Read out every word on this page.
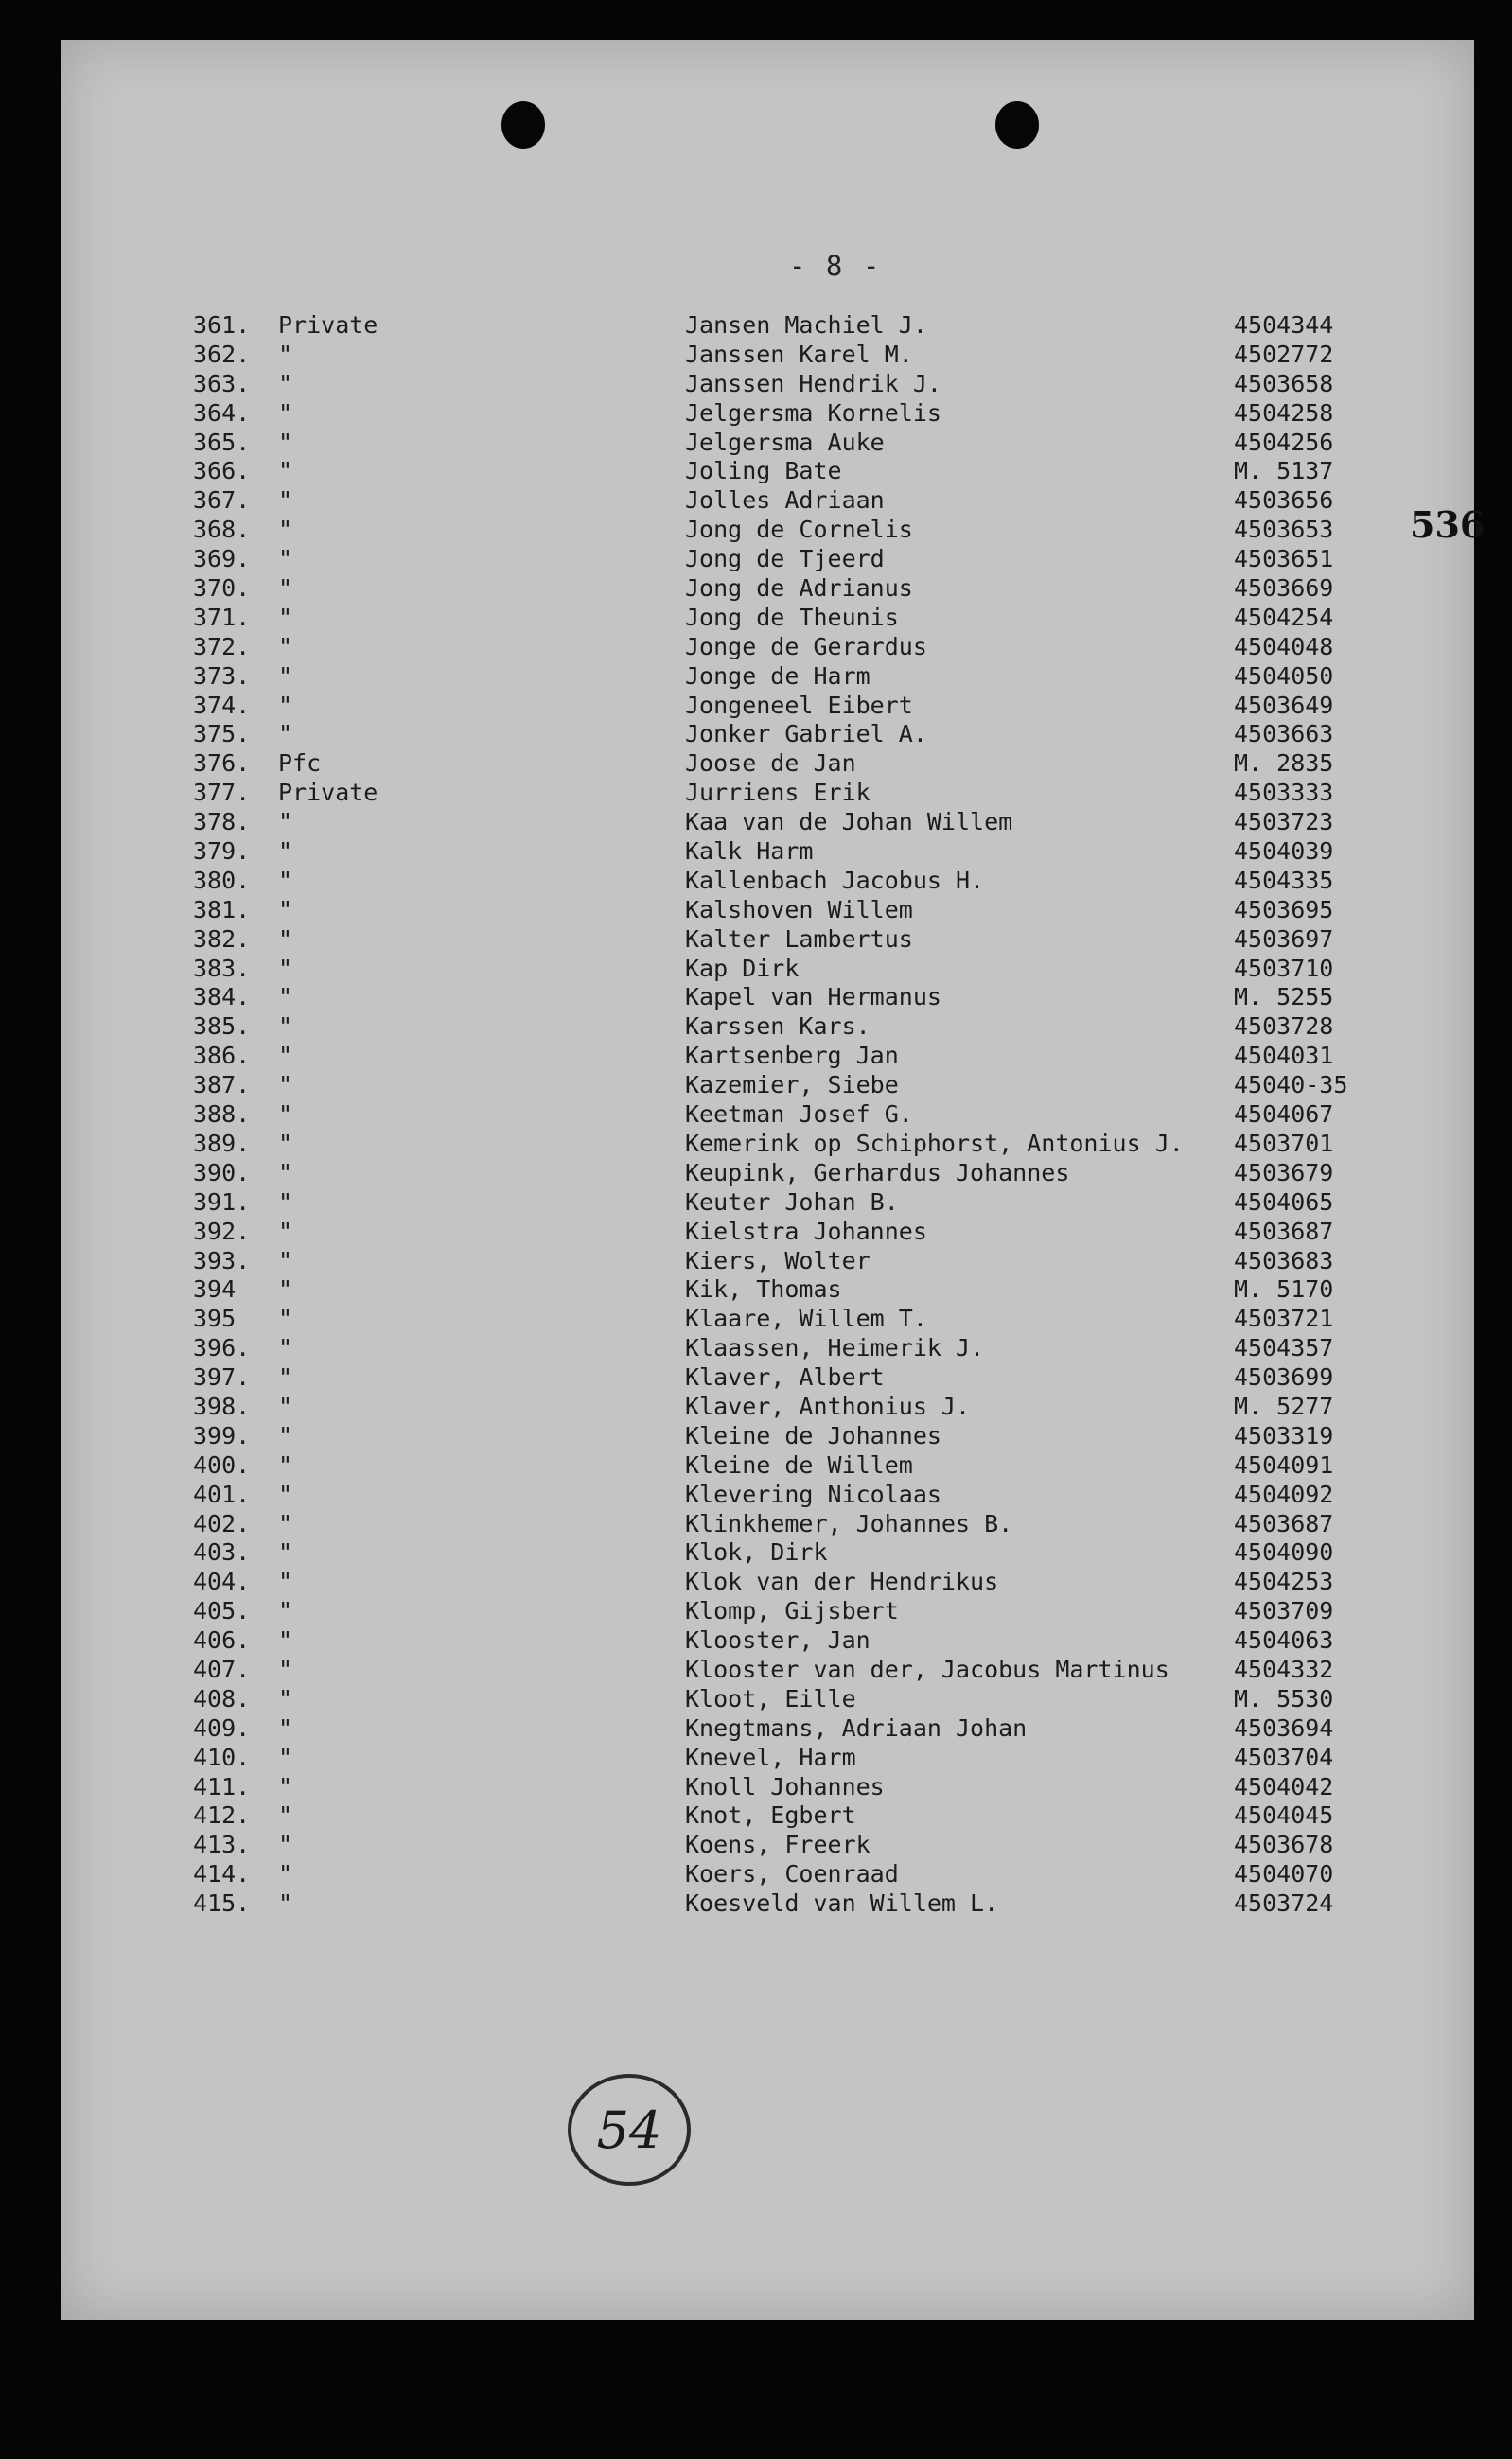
- 8 -
536
361. Private	Jansen Machiel J.	4504344
362. "	Janssen Karel M.	4502772
363. "	Janssen Hendrik J.	4503658
364. "	Jelgersma Kornelis	4504258
365. "	Jelgersma Auke	4504256
366. "	Joling Bate	M. 5137
367. "	Jolles Adriaan	4503656
368. "	Jong de Cornelis	4503653
369. "	Jong de Tjeerd	4503651
370. "	Jong de Adrianus	4503669
371. "	Jong de Theunis	4504254
372. "	Jonge de Gerardus	4504048
373. "	Jonge de Harm	4504050
374. "	Jongeneel Eibert	4503649
375. "	Jonker Gabriel A.	4503663
376. Pfc	Joose de Jan	M. 2835
377. Private	Jurriens Erik	4503333
378. "	Kaa van de Johan Willem	4503723
379. "	Kalk Harm	4504039
380. "	Kallenbach Jacobus H.	4504335
381. "	Kalshoven Willem	4503695
382. "	Kalter Lambertus	4503697
383. "	Kap Dirk	4503710
384. "	Kapel van Hermanus	M. 5255
385. "	Karssen Kars.	4503728
386. "	Kartsenberg Jan	4504031
387. "	Kazemier, Siebe	45040-35
388. "	Keetman Josef G.	4504067
389. "	Kemerink op Schiphorst, Antonius J. 4503701
390. "	Keupink, Gerhardus Johannes	4503679
391. "	Keuter Johan B.	4504065
392. "	Kielstra Johannes	4503687
393. "	Kiers, Wolter	4503683
394 "	Kik, Thomas	M. 5170
395 "	Klaare, Willem T.	4503721
396. "	Klaassen, Heimerik J.	4504357
397. "	Klaver, Albert	4503699
398. "	Klaver, Anthonius J.	M. 5277
399. "	Kleine de Johannes	4503319
400. "	Kleine de Willem	4504091
401. "	Klevering Nicolaas	4504092
402. "	Klinkhemer, Johannes B.	4503687
403. "	Klok, Dirk	4504090
404. "	Klok van der Hendrikus	4504253
405. "	Klomp, Gijsbert	4503709
406. "	Klooster, Jan	4504063
407. "	Klooster van der, Jacobus Martinus	4504332
408. "	Kloot, Eille	M. 5530
409. "	Knegtmans, Adriaan Johan	4503694
410. "	Knevel, Harm	4503704
411. "	Knoll Johannes	4504042
412. "	Knot, Egbert	4504045
413. "	Koens, Freerk	4503678
414. "	Koers, Coenraad	4504070
415. "	Koesveld van Willem L.	4503724
54
